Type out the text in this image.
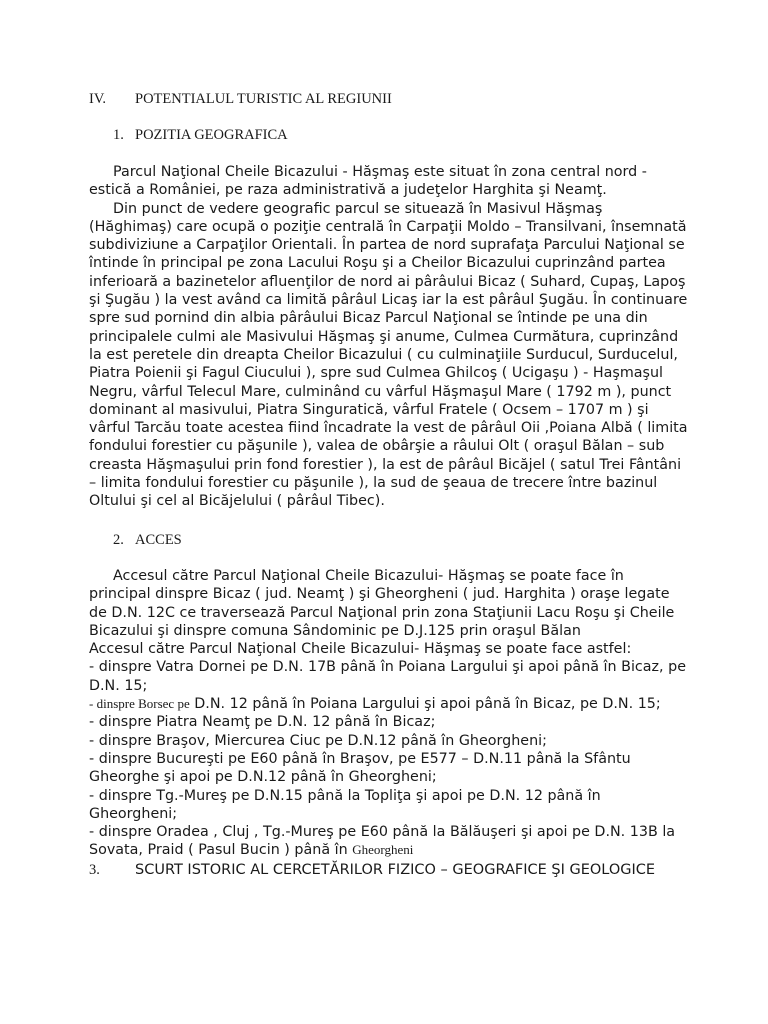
IV. POTENTIALUL TURISTIC AL REGIUNII
1. POZITIA GEOGRAFICA

Parcul Naţional Cheile Bicazului - Hăşmaş este situat în zona central nord - estică a României, pe raza administrativă a judeţelor Harghita şi Neamţ.

Din punct de vedere geografic parcul se situează în Masivul Hăşmaş (Hăghimaş) care ocupă o poziţie centrală în Carpaţii Moldo – Transilvani, însemnată subdiviziune a Carpaţilor Orientali. În partea de nord suprafaţa Parcului Naţional se întinde în principal pe zona Lacului Roşu şi a Cheilor Bicazului cuprinzând partea inferioară a bazinetelor afluenţilor de nord ai pârâului Bicaz ( Suhard, Cupaş, Lapoş şi Şugău ) la vest având ca limită pârâul Licaş iar la est pârâul Şugău. În continuare spre sud pornind din albia pârâului Bicaz Parcul Naţional se întinde pe una din principalele culmi ale Masivului Hăşmaş şi anume, Culmea Curmătura, cuprinzând la est peretele din dreapta Cheilor Bicazului ( cu culminaţiile Surducul, Surducelul, Piatra Poienii şi Fagul Ciucului ), spre sud Culmea Ghilcoş ( Ucigaşu ) - Haşmaşul Negru, vârful Telecul Mare, culminând cu vârful Hăşmaşul Mare ( 1792 m ), punct dominant al masivului, Piatra Singuratică, vârful Fratele ( Ocsem – 1707 m ) şi vârful Tarcău toate acestea fiind încadrate la vest de pârâul Oii ,Poiana Albă ( limita fondului forestier cu păşunile ), valea de obârşie a râului Olt ( oraşul Bălan – sub creasta Hăşmaşului prin fond forestier ), la est de pârâul Bicăjel ( satul Trei Fântâni – limita fondului forestier cu păşunile ), la sud de şeaua de trecere între bazinul Oltului şi cel al Bicăjelului ( pârâul Tibec).

2. ACCES

Accesul către Parcul Naţional Cheile Bicazului- Hăşmaş se poate face în principal dinspre Bicaz ( jud. Neamţ ) şi Gheorgheni ( jud. Harghita ) oraşe legate de D.N. 12C ce traversează Parcul Naţional prin zona Staţiunii Lacu Roşu şi Cheile Bicazului şi dinspre comuna Sândominic pe D.J.125 prin oraşul Bălan

Accesul către Parcul Naţional Cheile Bicazului- Hăşmaş se poate face astfel:

- dinspre Vatra Dornei pe D.N. 17B până în Poiana Largului şi apoi până în Bicaz, pe D.N. 15;

- dinspre Borsec pe D.N. 12 până în Poiana Largului şi apoi până în Bicaz, pe D.N. 15;

- dinspre Piatra Neamţ pe D.N. 12 până în Bicaz;

- dinspre Braşov, Miercurea Ciuc pe D.N.12 până în Gheorgheni;

- dinspre Bucureşti pe E60 până în Braşov, pe E577 – D.N.11 până la Sfântu Gheorghe şi apoi pe D.N.12 până în Gheorgheni;

- dinspre Tg.-Mureş pe D.N.15 până la Topliţa şi apoi pe D.N. 12 până în Gheorgheni;

- dinspre Oradea , Cluj , Tg.-Mureş pe E60 până la Bălăuşeri şi apoi pe D.N. 13B la Sovata, Praid ( Pasul Bucin ) până în Gheorgheni

3. SCURT ISTORIC AL CERCETĂRILOR FIZICO – GEOGRAFICE ŞI GEOLOGICE
